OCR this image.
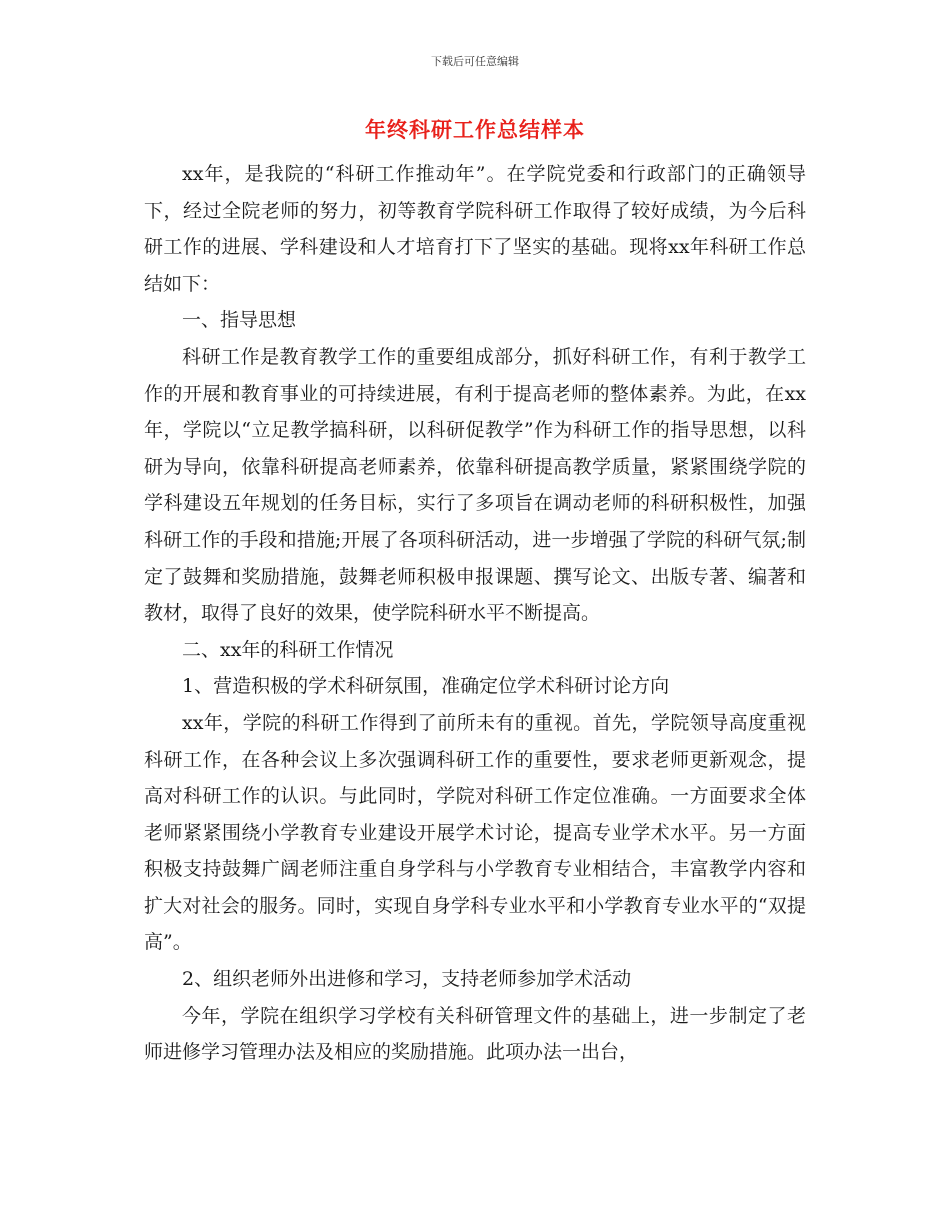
下载后可任意编辑
年终科研工作总结样本

xx年，是我院的“科研工作推动年”。在学院党委和行政部门的正确领导下，经过全院老师的努力，初等教育学院科研工作取得了较好成绩，为今后科研工作的进展、学科建设和人才培育打下了坚实的基础。现将xx年科研工作总结如下：

一、指导思想

科研工作是教育教学工作的重要组成部分，抓好科研工作，有利于教学工作的开展和教育事业的可持续进展，有利于提高老师的整体素养。为此，在xx年，学院以“立足教学搞科研，以科研促教学”作为科研工作的指导思想，以科研为导向，依靠科研提高老师素养，依靠科研提高教学质量，紧紧围绕学院的学科建设五年规划的任务目标，实行了多项旨在调动老师的科研积极性，加强科研工作的手段和措施;开展了各项科研活动，进一步增强了学院的科研气氛;制定了鼓舞和奖励措施，鼓舞老师积极申报课题、撰写论文、出版专著、编著和教材，取得了良好的效果，使学院科研水平不断提高。

二、xx年的科研工作情况

1、营造积极的学术科研氛围，准确定位学术科研讨论方向

xx年，学院的科研工作得到了前所未有的重视。首先，学院领导高度重视科研工作，在各种会议上多次强调科研工作的重要性，要求老师更新观念，提高对科研工作的认识。与此同时，学院对科研工作定位准确。一方面要求全体老师紧紧围绕小学教育专业建设开展学术讨论，提高专业学术水平。另一方面积极支持鼓舞广阔老师注重自身学科与小学教育专业相结合，丰富教学内容和扩大对社会的服务。同时，实现自身学科专业水平和小学教育专业水平的“双提高”。

2、组织老师外出进修和学习，支持老师参加学术活动

今年，学院在组织学习学校有关科研管理文件的基础上，进一步制定了老师进修学习管理办法及相应的奖励措施。此项办法一出台，
